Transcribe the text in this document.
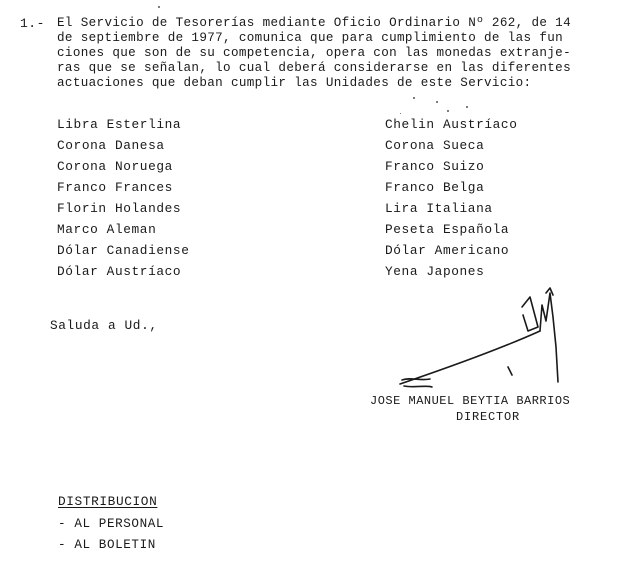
1.- El Servicio de Tesorerías mediante Oficio Ordinario Nº 262, de 14
de septiembre de 1977, comunica que para cumplimiento de las fun
ciones que son de su competencia, opera con las monedas extranje-
ras que se señalan, lo cual deberá considerarse en las diferentes
actuaciones que deban cumplir las Unidades de este Servicio:
Libra Esterlina
Corona Danesa
Corona Noruega
Franco Frances
Florin Holandes
Marco Aleman
Dólar Canadiense
Dólar Austríaco
Chelin Austríaco
Corona Sueca
Franco Suizo
Franco Belga
Lira Italiana
Peseta Española
Dólar Americano
Yena Japones
Saluda a Ud.,
JOSE MANUEL BEYTIA BARRIOS
DIRECTOR
DISTRIBUCION
- AL PERSONAL
- AL BOLETIN
